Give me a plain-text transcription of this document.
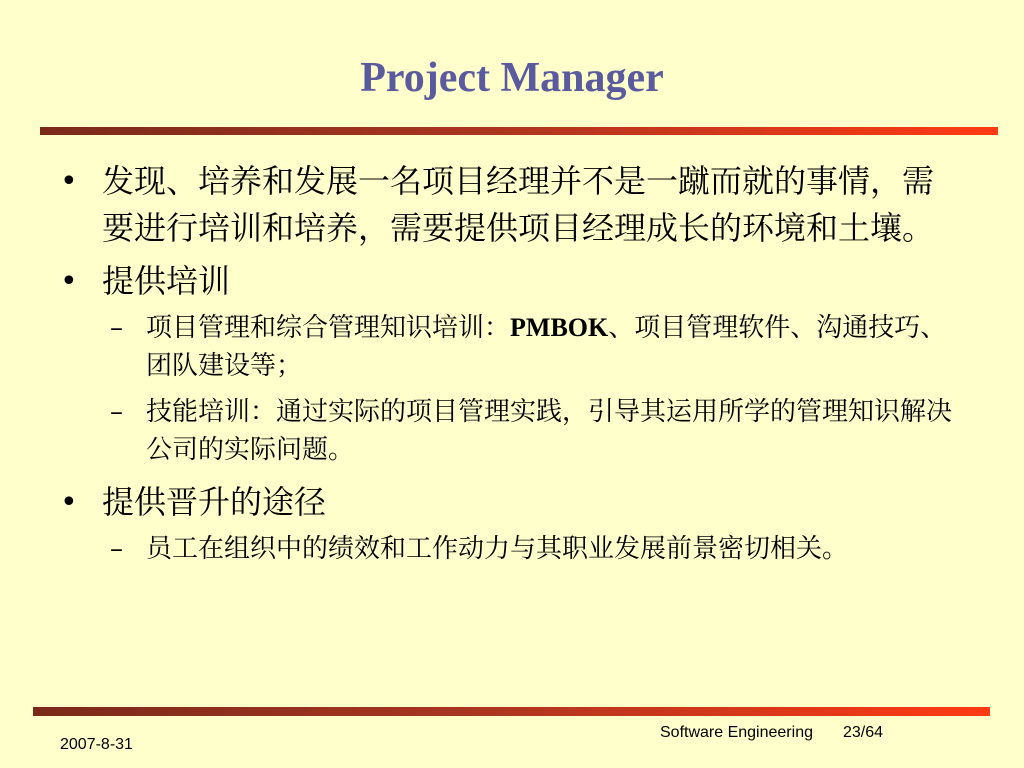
Project Manager
• 发现、培养和发展一名项目经理并不是一蹴而就的事情，需要进行培训和培养，需要提供项目经理成长的环境和土壤。
• 提供培训
– 项目管理和综合管理知识培训：PMBOK、项目管理软件、沟通技巧、团队建设等；
– 技能培训：通过实际的项目管理实践，引导其运用所学的管理知识解决公司的实际问题。
• 提供晋升的途径
– 员工在组织中的绩效和工作动力与其职业发展前景密切相关。
Software Engineering 23/64
2007-8-31
